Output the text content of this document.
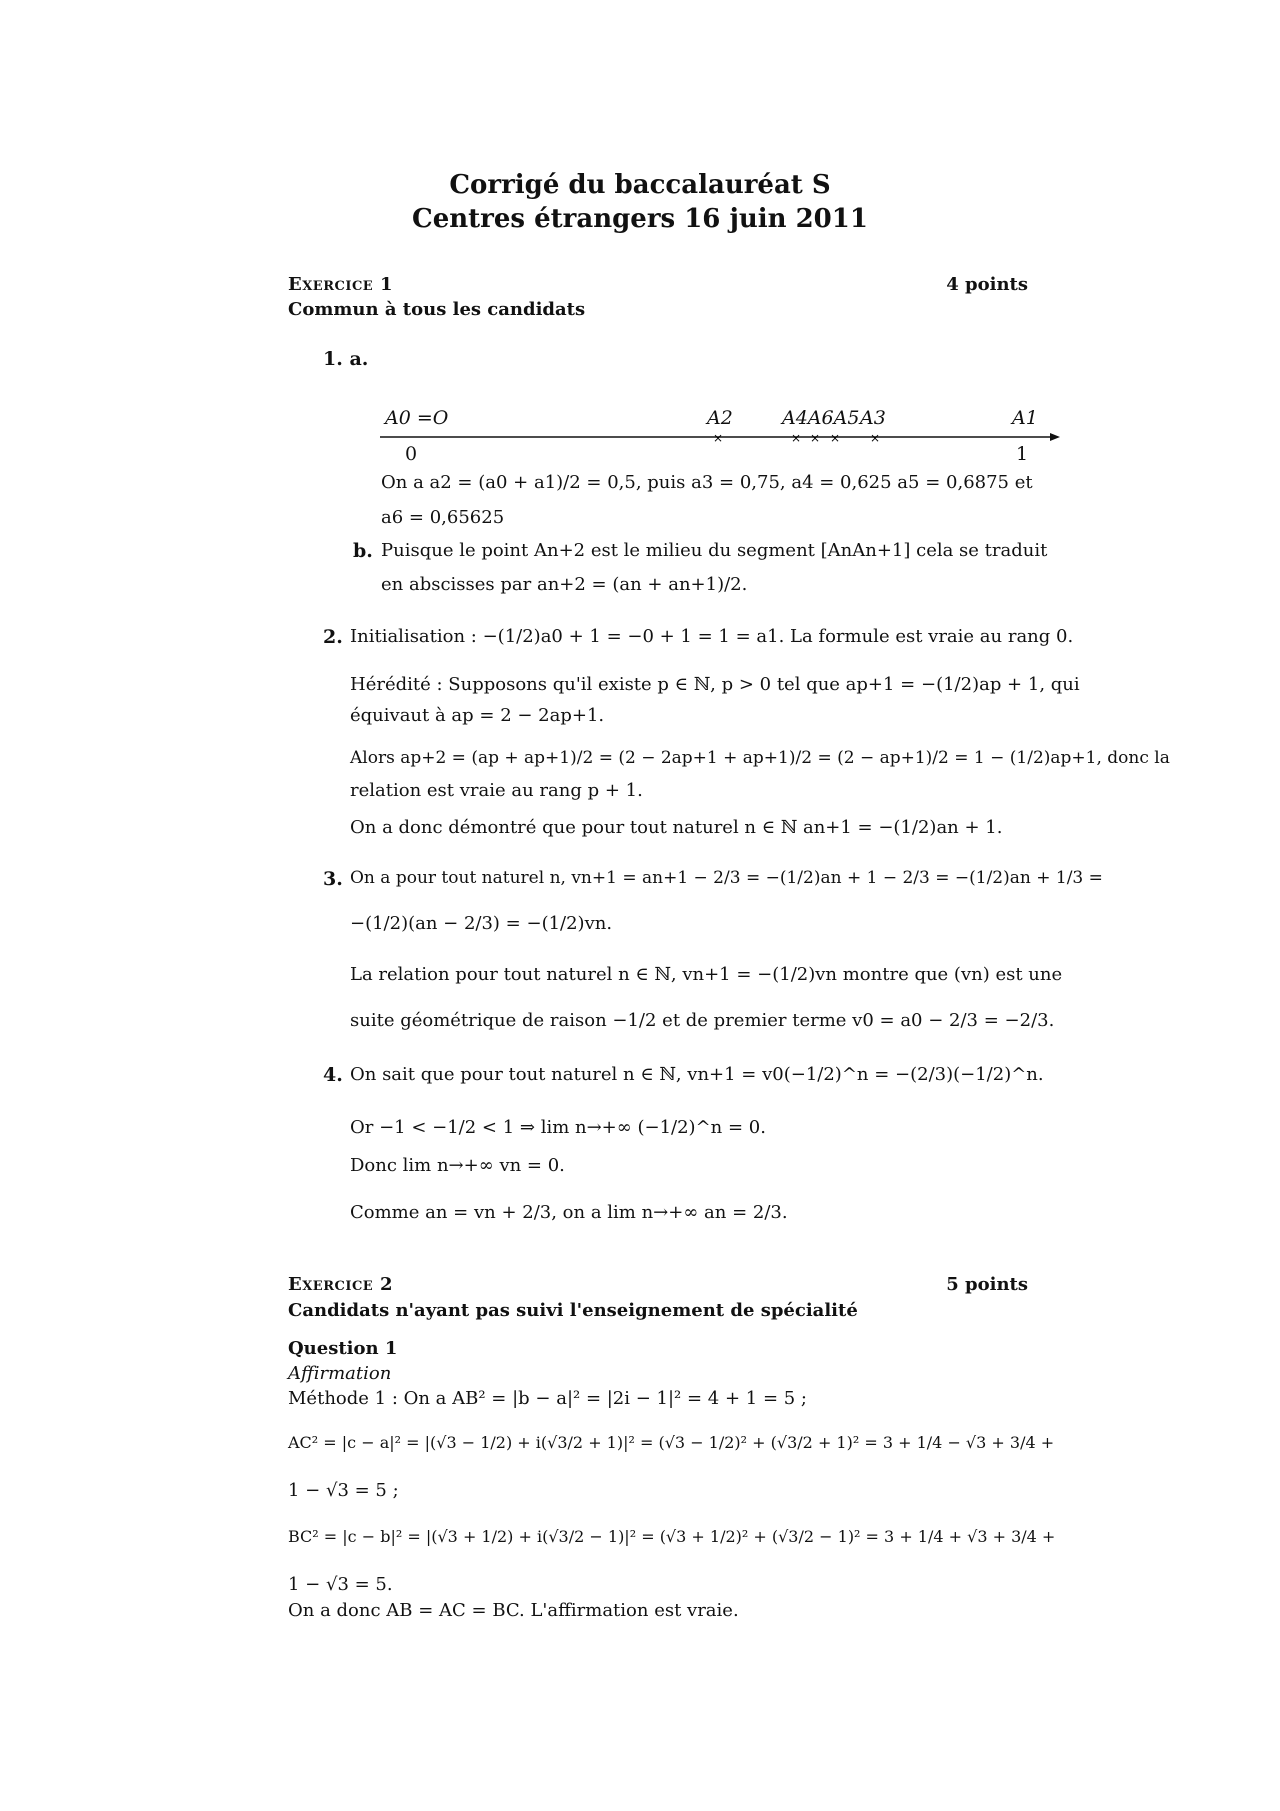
Corrigé du baccalauréat S
Centres étrangers 16 juin 2011
Exercice 1	4 points
Commun à tous les candidats
1. a.
×	× × × ×
A0 =O	A2	A4A6A5 A3	A1
0	1
On a a2 = (a0 + a1)/2 = 0,5, puis a3 = 0,75, a4 = 0,625 a5 = 0,6875 et
a6 = 0,65625
b. Puisque le point An+2 est le milieu du segment [AnAn+1] cela se traduit
en abscisses par an+2 = (an + an+1)/2.
2. Initialisation : −(1/2)a0 + 1 = −0 + 1 = 1 = a1. La formule est vraie au rang 0.
Hérédité : Supposons qu'il existe p ∈ ℕ, p > 0 tel que ap+1 = −(1/2)ap + 1, qui
équivaut à ap = 2 − 2ap+1.
Alors ap+2 = (ap + ap+1)/2 = (2 − 2ap+1 + ap+1)/2 = (2 − ap+1)/2 = 1 − (1/2)ap+1, donc la
relation est vraie au rang p + 1.
On a donc démontré que pour tout naturel n ∈ ℕ an+1 = −(1/2)an + 1.
3. On a pour tout naturel n, vn+1 = an+1 − 2/3 = −(1/2)an + 1 − 2/3 = −(1/2)an + 1/3 =
−(1/2)(an − 2/3) = −(1/2)vn.
La relation pour tout naturel n ∈ ℕ, vn+1 = −(1/2)vn montre que (vn) est une
suite géométrique de raison −1/2 et de premier terme v0 = a0 − 2/3 = −2/3.
4. On sait que pour tout naturel n ∈ ℕ, vn+1 = v0(−1/2)^n = −(2/3)(−1/2)^n.
Or −1 < −1/2 < 1 ⇒ lim n→+∞ (−1/2)^n = 0.
Donc lim n→+∞ vn = 0.
Comme an = vn + 2/3, on a lim n→+∞ an = 2/3.
Exercice 2	5 points
Candidats n'ayant pas suivi l'enseignement de spécialité
Question 1
Affirmation
Méthode 1 : On a AB² = |b − a|² = |2i − 1|² = 4 + 1 = 5 ;
AC² = |c − a|² = |(√3 − 1/2) + i(√3/2 + 1)|² = (√3 − 1/2)² + (√3/2 + 1)² = 3 + 1/4 − √3 + 3/4 +
1 − √3 = 5 ;
BC² = |c − b|² = |(√3 + 1/2) + i(√3/2 − 1)|² = (√3 + 1/2)² + (√3/2 − 1)² = 3 + 1/4 + √3 + 3/4 +
1 − √3 = 5.
On a donc AB = AC = BC. L'affirmation est vraie.
